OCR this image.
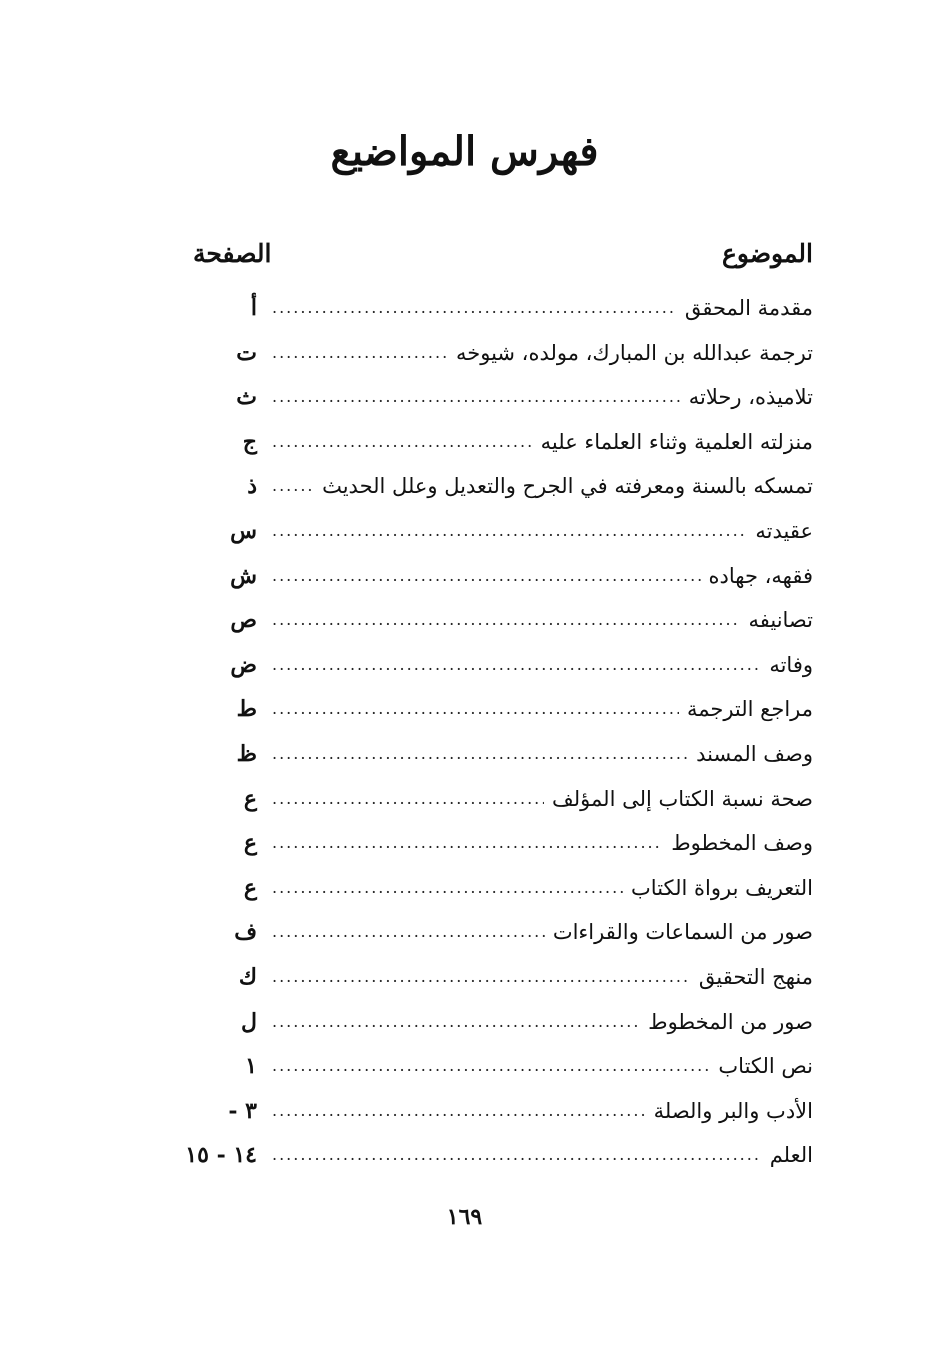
فهرس المواضيع
الموضوع
الصفحة
.....
مقدمة المحقق
أ
.....
ترجمة عبدالله بن المبارك، مولده، شيوخه
ت
.....
تلاميذه، رحلاته
ث
.....
منزلته العلمية وثناء العلماء عليه
ج
.....
تمسكه بالسنة ومعرفته في الجرح والتعديل وعلل الحديث
ذ
.....
عقيدته
س
.....
فقهه، جهاده
ش
.....
تصانيفه
ص
.....
وفاته
ض
.....
مراجع الترجمة
ط
.....
وصف المسند
ظ
.....
صحة نسبة الكتاب إلى المؤلف
ع
.....
وصف المخطوط
ع
.....
التعريف برواة الكتاب
ع
.....
صور من السماعات والقراءات
ف
.....
منهج التحقيق
ك
.....
صور من المخطوط
ل
.....
نص الكتاب
١
.....
الأدب والبر والصلة
٣ -
.....
العلم
١٤ - ١٥
١٦٩
